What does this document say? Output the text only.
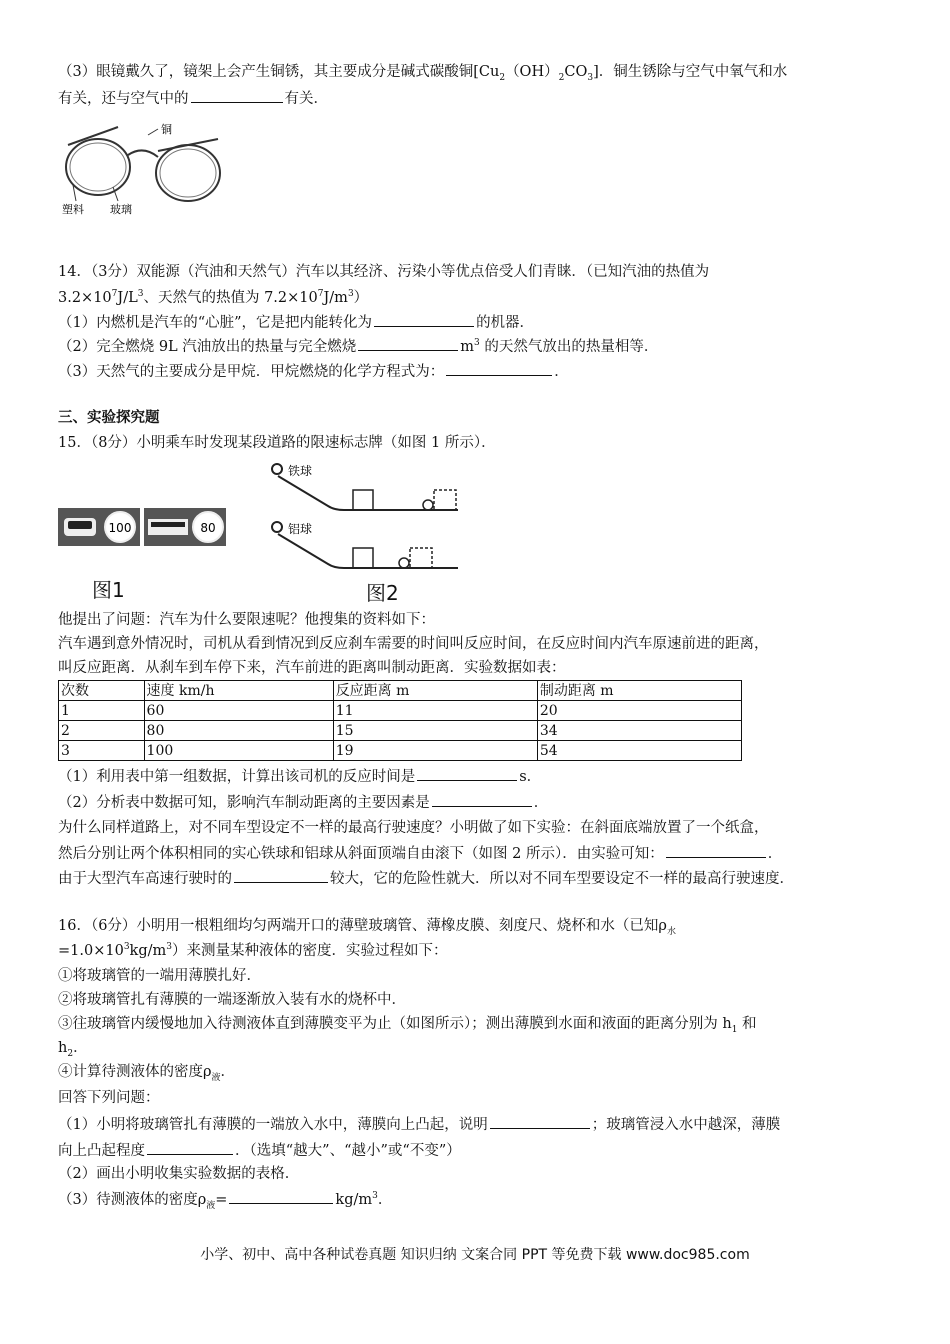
（3）眼镜戴久了，镜架上会产生铜锈，其主要成分是碱式碳酸铜$[Cu_2(OH)_2CO_3]$．铜生锈除与空气中氧气和水
有关，还与空气中的	有关．
铜
塑料 玻璃
14．（3分）双能源（汽油和天然气）汽车以其经济、污染小等优点倍受人们青睐．（已知汽油的热值为
$3.2\times 10^7J/L^3$、天然气的热值为 $7.2\times 10^7J/m^3$）
（1）内燃机是汽车的“心脏”，它是把内能转化为	的机器．
（2）完全燃烧 9L 汽油放出的热量与完全燃烧	$m^3$ 的天然气放出的热量相等．
（3）天然气的主要成分是甲烷．甲烷燃烧的化学方程式为：	．
三、实验探究题
15．（8分）小明乘车时发现某段道路的限速标志牌（如图 1 所示）．
100	80
图1
铁球
铝球
图2
他提出了问题：汽车为什么要限速呢？他搜集的资料如下：
汽车遇到意外情况时，司机从看到情况到反应刹车需要的时间叫反应时间，在反应时间内汽车原速前进的距离，
叫反应距离．从刹车到车停下来，汽车前进的距离叫制动距离．实验数据如表：
次数	速度 km/h	反应距离 m	制动距离 m
1	60	11	20
2	80	15	34
3	100	19	54
（1）利用表中第一组数据，计算出该司机的反应时间是	s．
（2）分析表中数据可知，影响汽车制动距离的主要因素是	．
为什么同样道路上，对不同车型设定不一样的最高行驶速度？小明做了如下实验：在斜面底端放置了一个纸盒，
然后分别让两个体积相同的实心铁球和铝球从斜面顶端自由滚下（如图 2 所示）．由实验可知：	．
由于大型汽车高速行驶时的	较大，它的危险性就大．所以对不同车型要设定不一样的最高行驶速度．
16．（6分）小明用一根粗细均匀两端开口的薄壁玻璃管、薄橡皮膜、刻度尺、烧杯和水（已知$\rho_水$
$=1.0\times 10^3kg/m^3$）来测量某种液体的密度．实验过程如下：
①将玻璃管的一端用薄膜扎好．
②将玻璃管扎有薄膜的一端逐渐放入装有水的烧杯中．
③往玻璃管内缓慢地加入待测液体直到薄膜变平为止（如图所示）；测出薄膜到水面和液面的距离分别为 $h_1$ 和
$h_2$．
④计算待测液体的密度$\rho_液$．
回答下列问题：
（1）小明将玻璃管扎有薄膜的一端放入水中，薄膜向上凸起，说明	；玻璃管浸入水中越深，薄膜
向上凸起程度	．（选填“越大”、“越小”或“不变”）
（2）画出小明收集实验数据的表格．
（3）待测液体的密度$\rho_液=$	$kg/m^3$．
小学、初中、高中各种试卷真题 知识归纳 文案合同 PPT 等免费下载 www.doc985.com
